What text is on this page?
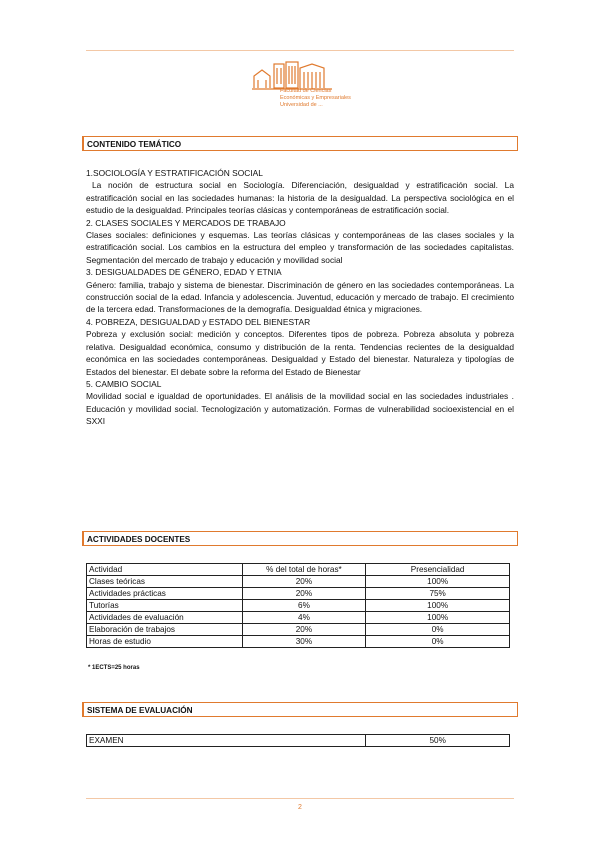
Facultad de Ciencias
Económicas y Empresariales
Universidad de ...
CONTENIDO TEMÁTICO
1.SOCIOLOGÍA Y ESTRATIFICACIÓN SOCIAL

La noción de estructura social en Sociología. Diferenciación, desigualdad y estratificación social. La estratificación social en las sociedades humanas: la historia de la desigualdad. La perspectiva sociológica en el estudio de la desigualdad. Principales teorías clásicas y contemporáneas de estratificación social.

2. CLASES SOCIALES Y MERCADOS DE TRABAJO

Clases sociales: definiciones y esquemas. Las teorías clásicas y contemporáneas de las clases sociales y la estratificación social. Los cambios en la estructura del empleo y transformación de las sociedades capitalistas. Segmentación del mercado de trabajo y educación y movilidad social

3. DESIGUALDADES DE GÉNERO, EDAD Y ETNIA

Género: familia, trabajo y sistema de bienestar. Discriminación de género en las sociedades contemporáneas. La construcción social de la edad. Infancia y adolescencia. Juventud, educación y mercado de trabajo. El crecimiento de la tercera edad. Transformaciones de la demografía. Desigualdad étnica y migraciones.

4. POBREZA, DESIGUALDAD y ESTADO DEL BIENESTAR

Pobreza y exclusión social: medición y conceptos. Diferentes tipos de pobreza. Pobreza absoluta y pobreza relativa. Desigualdad económica, consumo y distribución de la renta. Tendencias recientes de la desigualdad económica en las sociedades contemporáneas. Desigualdad y Estado del bienestar. Naturaleza y tipologías de Estados del bienestar. El debate sobre la reforma del Estado de Bienestar

5. CAMBIO SOCIAL

Movilidad social e igualdad de oportunidades. El análisis de la movilidad social en las sociedades industriales . Educación y movilidad social. Tecnologización y automatización. Formas de vulnerabilidad socioexistencial en el SXXI

ACTIVIDADES DOCENTES
Actividad	% del total de horas*	Presencialidad
Clases teóricas	20%	100%
Actividades prácticas	20%	75%
Tutorías	6%	100%
Actividades de evaluación	4%	100%
Elaboración de trabajos	20%	0%
Horas de estudio	30%	0%
* 1ECTS=25 horas
SISTEMA DE EVALUACIÓN
EXAMEN	50%
2
